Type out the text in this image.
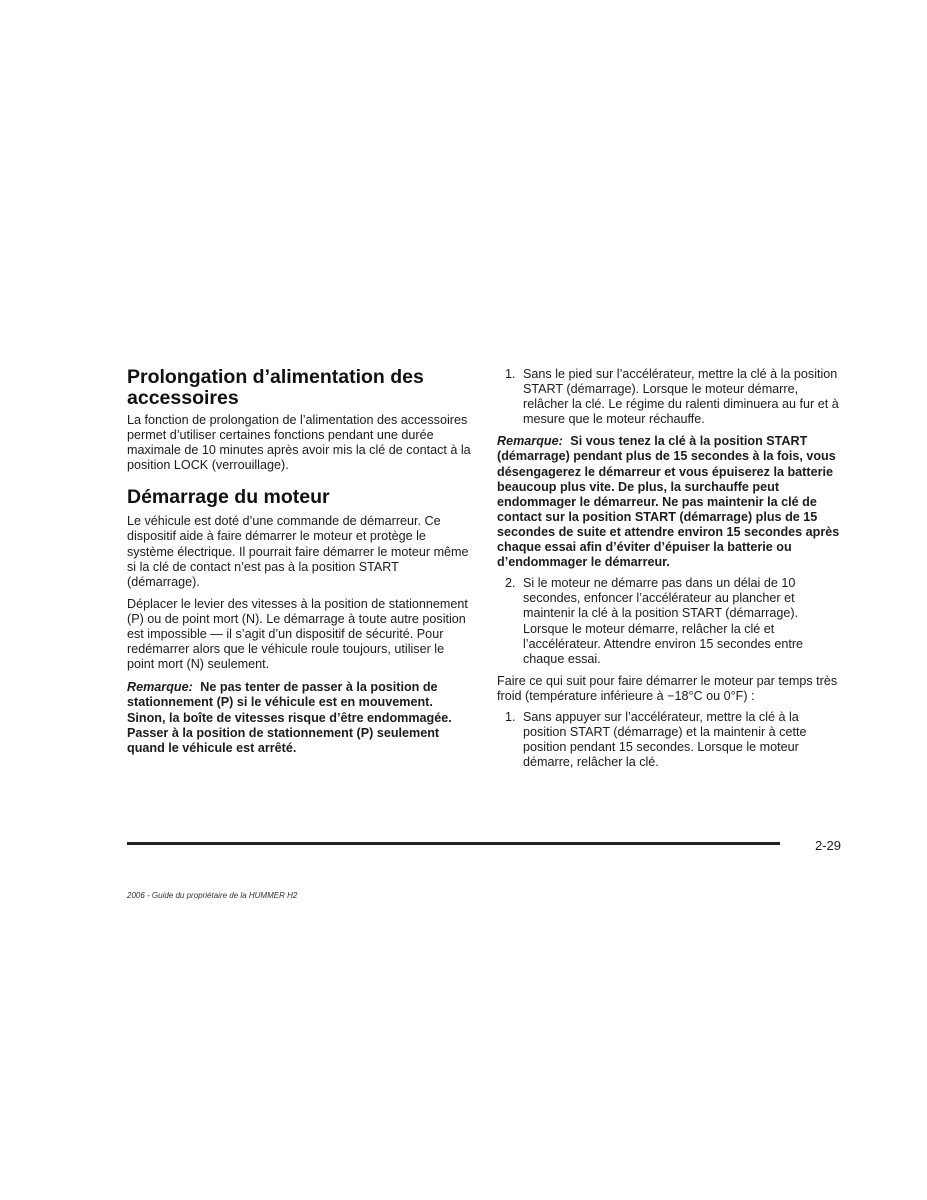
Prolongation d’alimentation des accessoires

La fonction de prolongation de l’alimentation des accessoires permet d’utiliser certaines fonctions pendant une durée maximale de 10 minutes après avoir mis la clé de contact à la position LOCK (verrouillage).

Démarrage du moteur

Le véhicule est doté d’une commande de démarreur. Ce dispositif aide à faire démarrer le moteur et protège le système électrique. Il pourrait faire démarrer le moteur même si la clé de contact n’est pas à la position START (démarrage).

Déplacer le levier des vitesses à la position de stationnement (P) ou de point mort (N). Le démarrage à toute autre position est impossible — il s’agit d’un dispositif de sécurité. Pour redémarrer alors que le véhicule roule toujours, utiliser le point mort (N) seulement.

Remarque: Ne pas tenter de passer à la position de stationnement (P) si le véhicule est en mouvement. Sinon, la boîte de vitesses risque d’être endommagée. Passer à la position de stationnement (P) seulement quand le véhicule est arrêté.

1. Sans le pied sur l’accélérateur, mettre la clé à la position START (démarrage). Lorsque le moteur démarre, relâcher la clé. Le régime du ralenti diminuera au fur et à mesure que le moteur réchauffe.

Remarque: Si vous tenez la clé à la position START (démarrage) pendant plus de 15 secondes à la fois, vous désengagerez le démarreur et vous épuiserez la batterie beaucoup plus vite. De plus, la surchauffe peut endommager le démarreur. Ne pas maintenir la clé de contact sur la position START (démarrage) plus de 15 secondes de suite et attendre environ 15 secondes après chaque essai afin d’éviter d’épuiser la batterie ou d’endommager le démarreur.

2. Si le moteur ne démarre pas dans un délai de 10 secondes, enfoncer l’accélérateur au plancher et maintenir la clé à la position START (démarrage). Lorsque le moteur démarre, relâcher la clé et l’accélérateur. Attendre environ 15 secondes entre chaque essai.

Faire ce qui suit pour faire démarrer le moteur par temps très froid (température inférieure à −18°C ou 0°F) :

1. Sans appuyer sur l’accélérateur, mettre la clé à la position START (démarrage) et la maintenir à cette position pendant 15 secondes. Lorsque le moteur démarre, relâcher la clé.
2-29
2006 - Guide du propriétaire de la HUMMER H2
